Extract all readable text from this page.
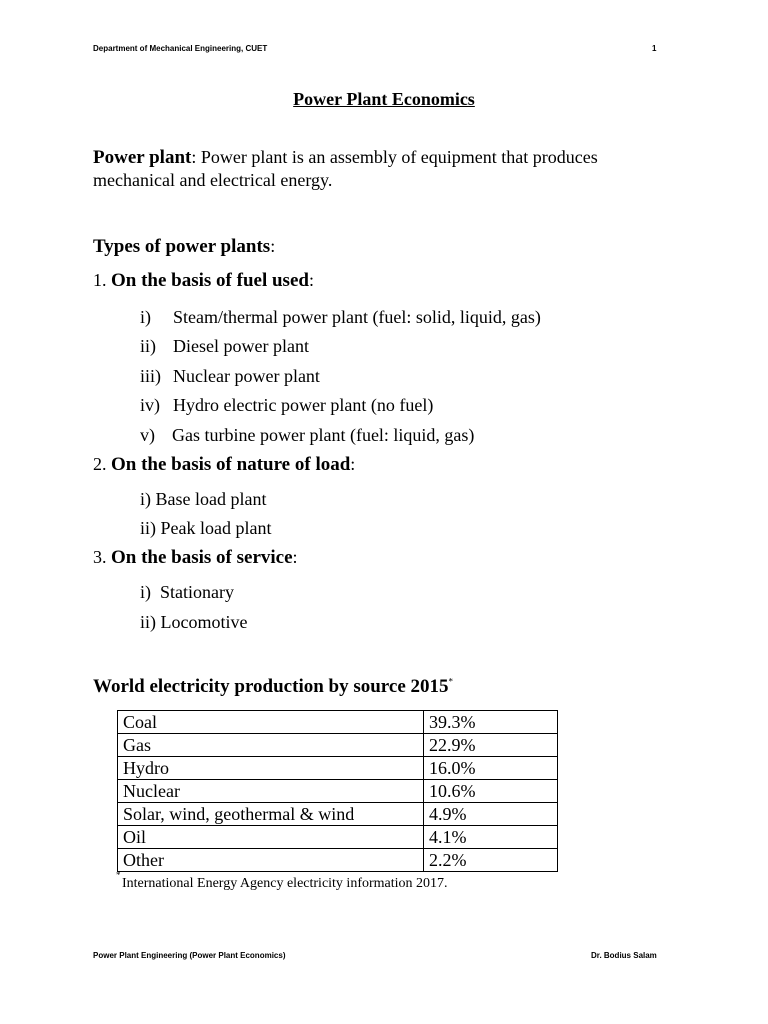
Department of Mechanical Engineering, CUET	1
Power Plant Economics
Power plant: Power plant is an assembly of equipment that produces
mechanical and electrical energy.
Types of power plants:
1. On the basis of fuel used:
i) Steam/thermal power plant (fuel: solid, liquid, gas)
ii) Diesel power plant
iii) Nuclear power plant
iv) Hydro electric power plant (no fuel)
v) Gas turbine power plant (fuel: liquid, gas)
2. On the basis of nature of load:
i) Base load plant
ii) Peak load plant
3. On the basis of service:
i) Stationary
ii) Locomotive
World electricity production by source 2015*
Coal	39.3%
Gas	22.9%
Hydro	16.0%
Nuclear	10.6%
Solar, wind, geothermal & wind	4.9%
Oil	4.1%
Other	2.2%
*
International Energy Agency electricity information 2017.
Power Plant Engineering (Power Plant Economics)	Dr. Bodius Salam
